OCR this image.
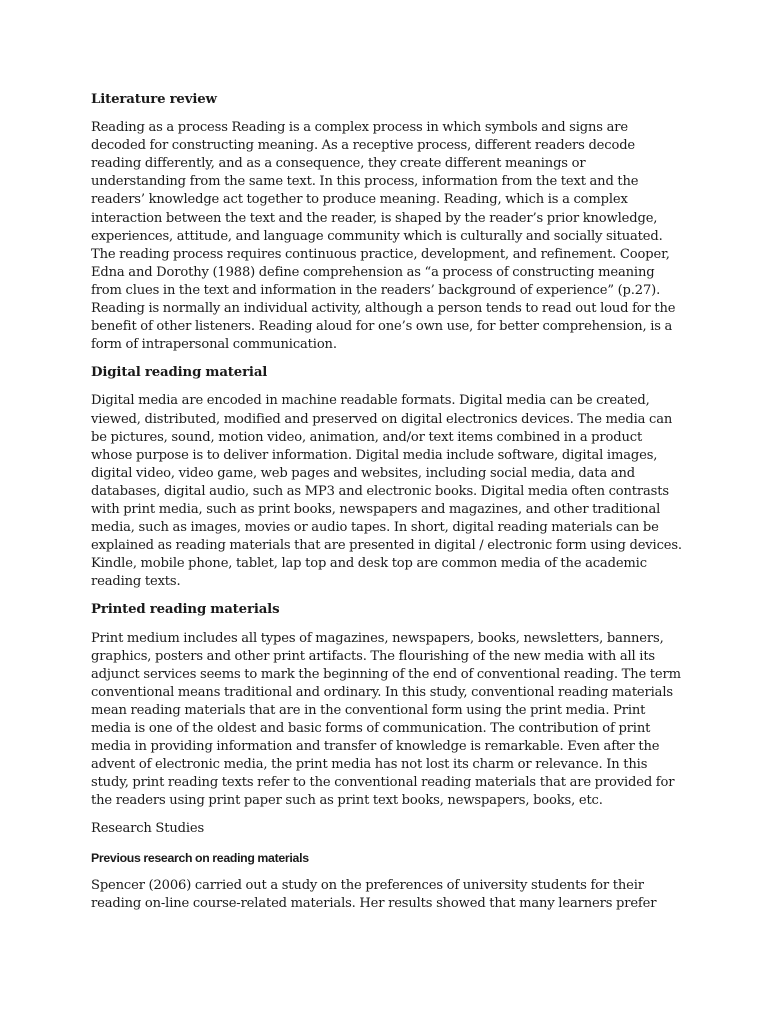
Literature review

Reading as a process Reading is a complex process in which symbols and signs are decoded for constructing meaning. As a receptive process, different readers decode reading differently, and as a consequence, they create different meanings or understanding from the same text. In this process, information from the text and the readers’ knowledge act together to produce meaning. Reading, which is a complex interaction between the text and the reader, is shaped by the reader’s prior knowledge, experiences, attitude, and language community which is culturally and socially situated. The reading process requires continuous practice, development, and refinement. Cooper, Edna and Dorothy (1988) define comprehension as “a process of constructing meaning from clues in the text and information in the readers’ background of experience” (p.27). Reading is normally an individual activity, although a person tends to read out loud for the benefit of other listeners. Reading aloud for one’s own use, for better comprehension, is a form of intrapersonal communication.

Digital reading material

Digital media are encoded in machine readable formats. Digital media can be created, viewed, distributed, modified and preserved on digital electronics devices. The media can be pictures, sound, motion video, animation, and/or text items combined in a product whose purpose is to deliver information. Digital media include software, digital images, digital video, video game, web pages and websites, including social media, data and databases, digital audio, such as MP3 and electronic books. Digital media often contrasts with print media, such as print books, newspapers and magazines, and other traditional media, such as images, movies or audio tapes. In short, digital reading materials can be explained as reading materials that are presented in digital / electronic form using devices. Kindle, mobile phone, tablet, lap top and desk top are common media of the academic reading texts.

Printed reading materials

Print medium includes all types of magazines, newspapers, books, newsletters, banners, graphics, posters and other print artifacts. The flourishing of the new media with all its adjunct services seems to mark the beginning of the end of conventional reading. The term conventional means traditional and ordinary. In this study, conventional reading materials mean reading materials that are in the conventional form using the print media. Print media is one of the oldest and basic forms of communication. The contribution of print media in providing information and transfer of knowledge is remarkable. Even after the advent of electronic media, the print media has not lost its charm or relevance. In this study, print reading texts refer to the conventional reading materials that are provided for the readers using print paper such as print text books, newspapers, books, etc.

Research Studies
Previous research on reading materials

Spencer (2006) carried out a study on the preferences of university students for their reading on-line course-related materials. Her results showed that many learners prefer
